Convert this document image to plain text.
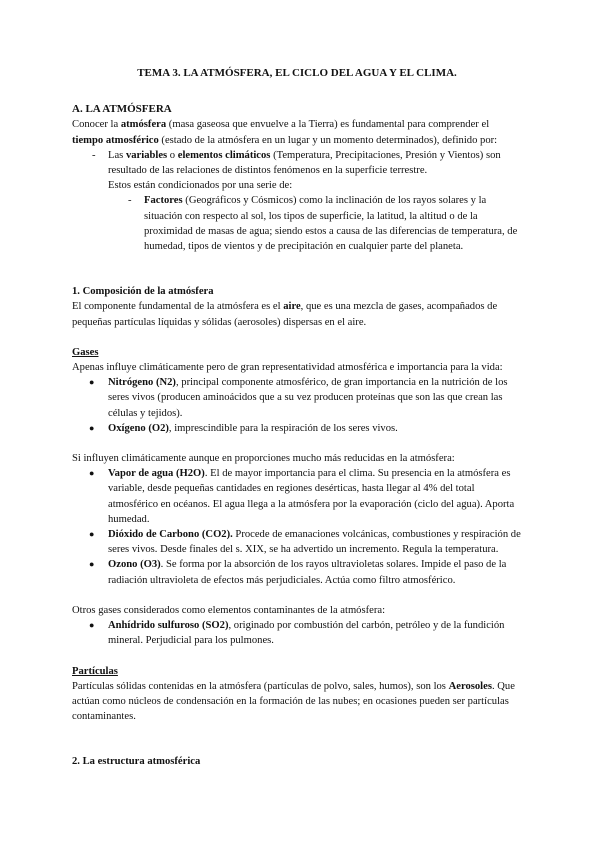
TEMA 3. LA ATMÓSFERA, EL CICLO DEL AGUA Y EL CLIMA.

A. LA ATMÓSFERA

Conocer la atmósfera (masa gaseosa que envuelve a la Tierra) es fundamental para comprender el tiempo atmosférico (estado de la atmósfera en un lugar y un momento determinados), definido por:

- Las variables o elementos climáticos (Temperatura, Precipitaciones, Presión y Vientos) son resultado de las relaciones de distintos fenómenos en la superficie terrestre.

Estos están condicionados por una serie de:

- Factores (Geográficos y Cósmicos) como la inclinación de los rayos solares y la situación con respecto al sol, los tipos de superficie, la latitud, la altitud o de la proximidad de masas de agua; siendo estos a causa de las diferencias de temperatura, de humedad, tipos de vientos y de precipitación en cualquier parte del planeta.

1. Composición de la atmósfera

El componente fundamental de la atmósfera es el aire, que es una mezcla de gases, acompañados de pequeñas partículas líquidas y sólidas (aerosoles) dispersas en el aire.

Gases

Apenas influye climáticamente pero de gran representatividad atmosférica e importancia para la vida:

● Nitrógeno (N2), principal componente atmosférico, de gran importancia en la nutrición de los seres vivos (producen aminoácidos que a su vez producen proteínas que son las que crean las células y tejidos).
● Oxígeno (O2), imprescindible para la respiración de los seres vivos.

Si influyen climáticamente aunque en proporciones mucho más reducidas en la atmósfera:

● Vapor de agua (H2O). El de mayor importancia para el clima. Su presencia en la atmósfera es variable, desde pequeñas cantidades en regiones desérticas, hasta llegar al 4% del total atmosférico en océanos. El agua llega a la atmósfera por la evaporación (ciclo del agua). Aporta humedad.
● Dióxido de Carbono (CO2). Procede de emanaciones volcánicas, combustiones y respiración de seres vivos. Desde finales del s. XIX, se ha advertido un incremento. Regula la temperatura.
● Ozono (O3). Se forma por la absorción de los rayos ultravioletas solares. Impide el paso de la radiación ultravioleta de efectos más perjudiciales. Actúa como filtro atmosférico.

Otros gases considerados como elementos contaminantes de la atmósfera:

● Anhídrido sulfuroso (SO2), originado por combustión del carbón, petróleo y de la fundición mineral. Perjudicial para los pulmones.

Partículas

Partículas sólidas contenidas en la atmósfera (partículas de polvo, sales, humos), son los Aerosoles. Que actúan como núcleos de condensación en la formación de las nubes; en ocasiones pueden ser partículas contaminantes.

2. La estructura atmosférica
